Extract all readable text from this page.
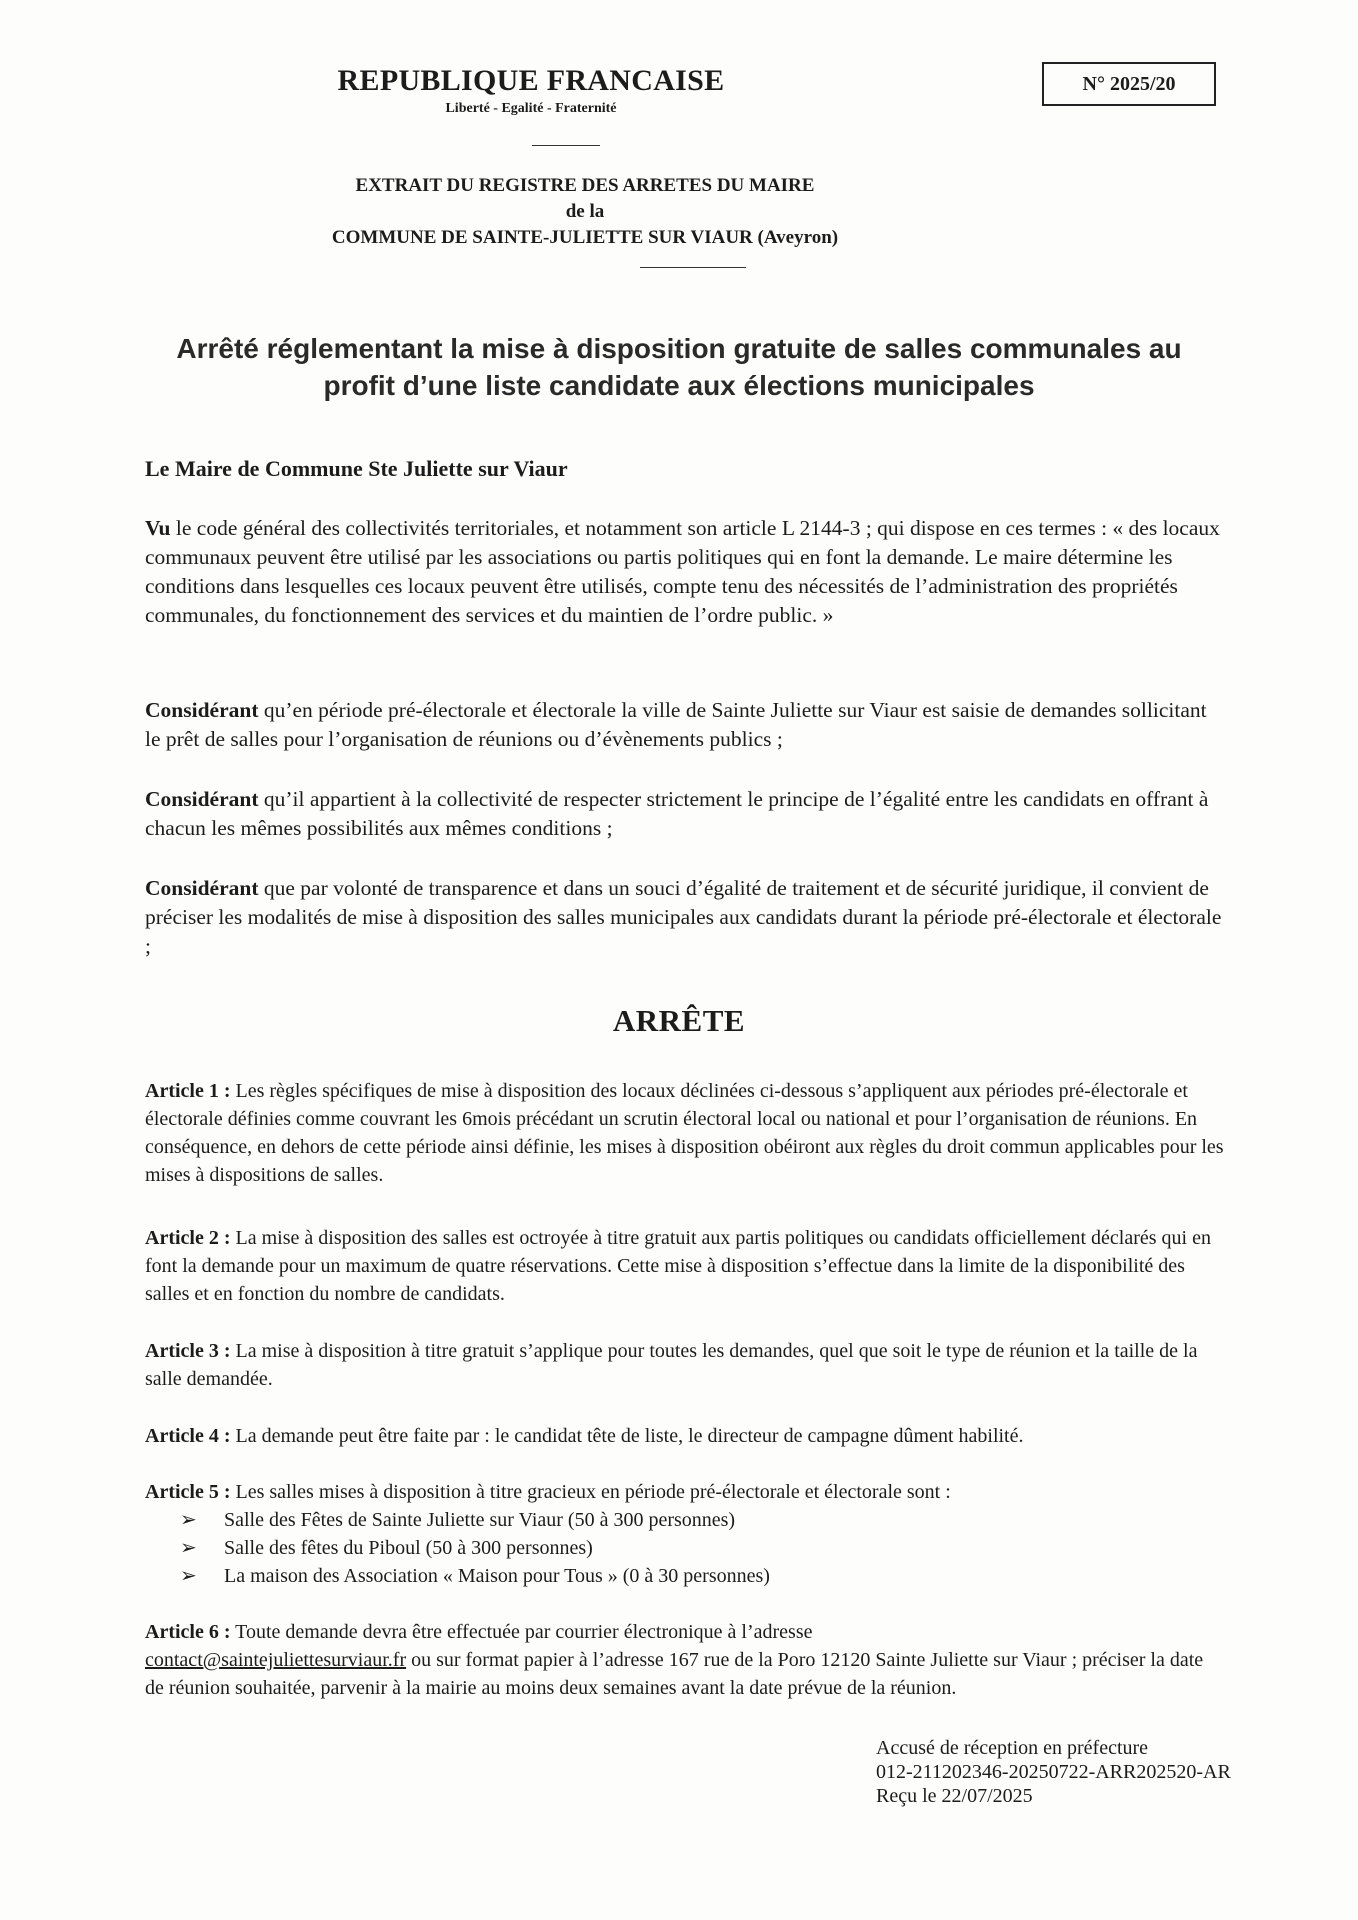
REPUBLIQUE FRANCAISE
Liberté - Egalité - Fraternité
N° 2025/20
EXTRAIT DU REGISTRE DES ARRETES DU MAIRE
de la
COMMUNE DE SAINTE-JULIETTE SUR VIAUR (Aveyron)
Arrêté réglementant la mise à disposition gratuite de salles communales au
profit d’une liste candidate aux élections municipales
Le Maire de Commune Ste Juliette sur Viaur
Vu le code général des collectivités territoriales, et notamment son article L 2144-3 ; qui dispose en ces termes : « des locaux communaux peuvent être utilisé par les associations ou partis politiques qui en font la demande. Le maire détermine les conditions dans lesquelles ces locaux peuvent être utilisés, compte tenu des nécessités de l’administration des propriétés communales, du fonctionnement des services et du maintien de l’ordre public. »
Considérant qu’en période pré-électorale et électorale la ville de Sainte Juliette sur Viaur est saisie de demandes sollicitant le prêt de salles pour l’organisation de réunions ou d’évènements publics ;
Considérant qu’il appartient à la collectivité de respecter strictement le principe de l’égalité entre les candidats en offrant à chacun les mêmes possibilités aux mêmes conditions ;
Considérant que par volonté de transparence et dans un souci d’égalité de traitement et de sécurité juridique, il convient de préciser les modalités de mise à disposition des salles municipales aux candidats durant la période pré-électorale et électorale ;
ARRÊTE
Article 1 : Les règles spécifiques de mise à disposition des locaux déclinées ci-dessous s’appliquent aux périodes pré-électorale et électorale définies comme couvrant les 6mois précédant un scrutin électoral local ou national et pour l’organisation de réunions. En conséquence, en dehors de cette période ainsi définie, les mises à disposition obéiront aux règles du droit commun applicables pour les mises à dispositions de salles.
Article 2 : La mise à disposition des salles est octroyée à titre gratuit aux partis politiques ou candidats officiellement déclarés qui en font la demande pour un maximum de quatre réservations. Cette mise à disposition s’effectue dans la limite de la disponibilité des salles et en fonction du nombre de candidats.
Article 3 : La mise à disposition à titre gratuit s’applique pour toutes les demandes, quel que soit le type de réunion et la taille de la salle demandée.
Article 4 : La demande peut être faite par : le candidat tête de liste, le directeur de campagne dûment habilité.
Article 5 : Les salles mises à disposition à titre gracieux en période pré-électorale et électorale sont :
➢	Salle des Fêtes de Sainte Juliette sur Viaur (50 à 300 personnes)
➢	Salle des fêtes du Piboul (50 à 300 personnes)
➢	La maison des Association « Maison pour Tous » (0 à 30 personnes)
Article 6 : Toute demande devra être effectuée par courrier électronique à l’adresse
contact@saintejuliettesurviaur.fr ou sur format papier à l’adresse 167 rue de la Poro 12120 Sainte Juliette sur Viaur ; préciser la date de réunion souhaitée, parvenir à la mairie au moins deux semaines avant la date prévue de la réunion.
Accusé de réception en préfecture
012-211202346-20250722-ARR202520-AR
Reçu le 22/07/2025
